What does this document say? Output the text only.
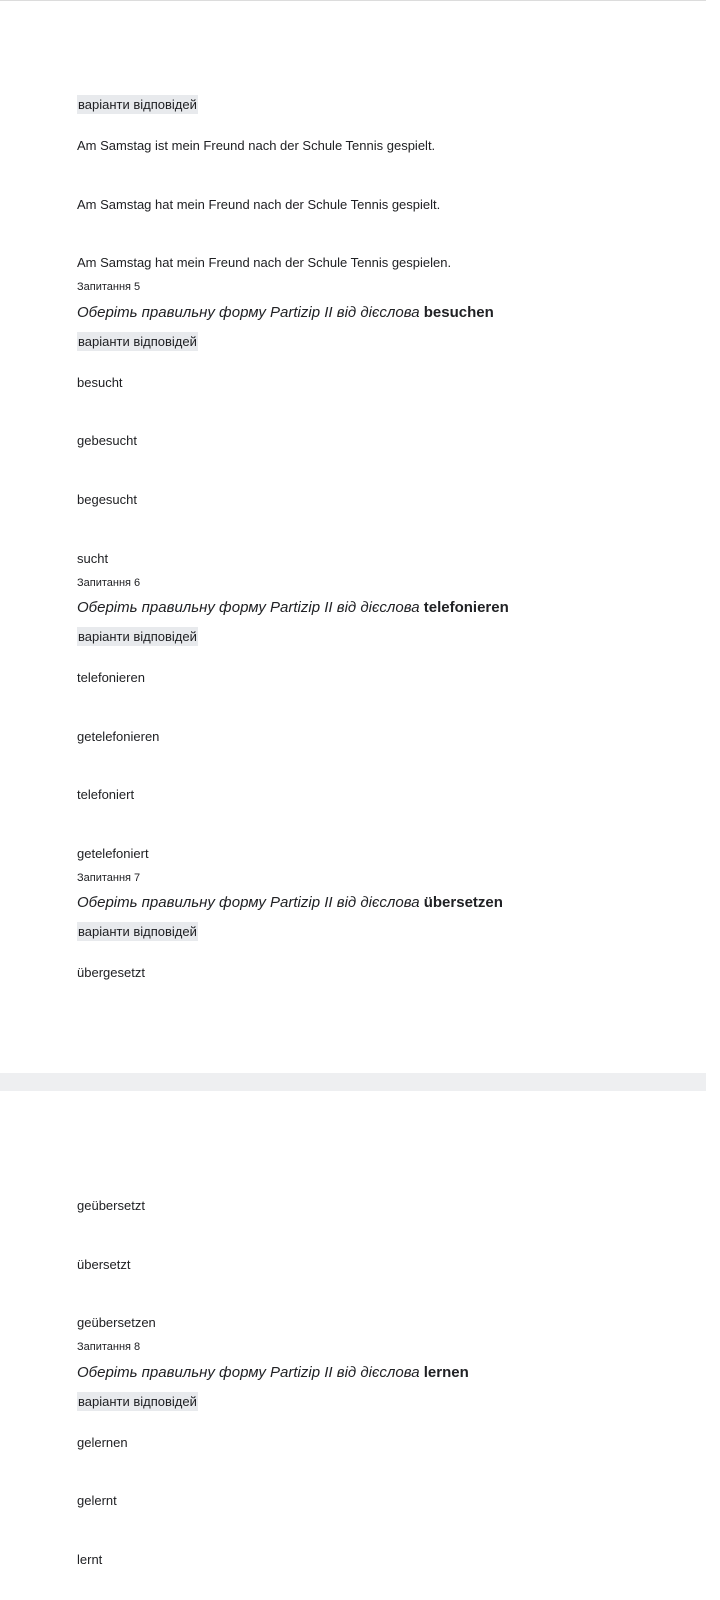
варіанти відповідей
Am Samstag ist mein Freund nach der Schule Tennis gespielt.
Am Samstag hat mein Freund nach der Schule Tennis gespielt.
Am Samstag hat mein Freund nach der Schule Tennis gespielen.
Запитання 5
Оберіть правильну форму Partizip II від дієслова besuchen
варіанти відповідей
besucht
gebesucht
begesucht
sucht
Запитання 6
Оберіть правильну форму Partizip II від дієслова telefonieren
варіанти відповідей
telefonieren
getelefonieren
telefoniert
getelefoniert
Запитання 7
Оберіть правильну форму Partizip II від дієслова übersetzen
варіанти відповідей
übergesetzt
geübersetzt
übersetzt
geübersetzen
Запитання 8
Оберіть правильну форму Partizip II від дієслова lernen
варіанти відповідей
gelernen
gelernt
lernt
